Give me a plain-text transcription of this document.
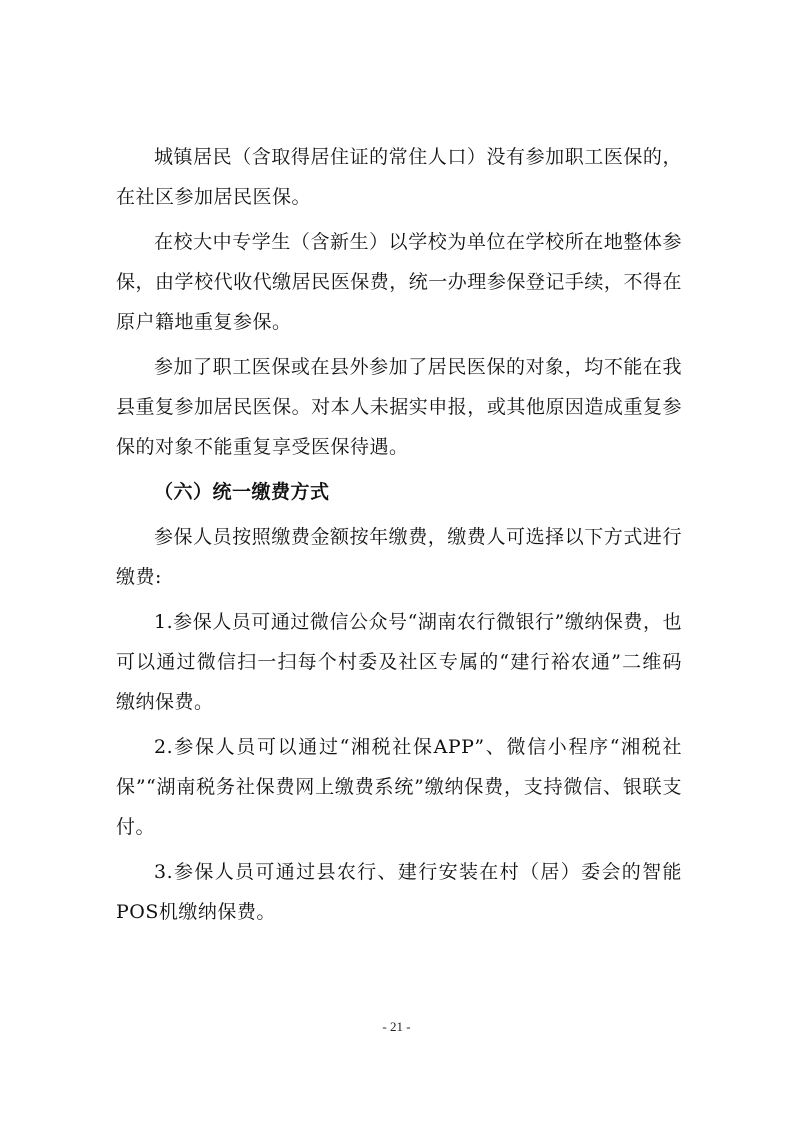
城镇居民（含取得居住证的常住人口）没有参加职工医保的，在社区参加居民医保。

在校大中专学生（含新生）以学校为单位在学校所在地整体参保，由学校代收代缴居民医保费，统一办理参保登记手续，不得在原户籍地重复参保。

参加了职工医保或在县外参加了居民医保的对象，均不能在我县重复参加居民医保。对本人未据实申报，或其他原因造成重复参保的对象不能重复享受医保待遇。

（六）统一缴费方式

参保人员按照缴费金额按年缴费，缴费人可选择以下方式进行缴费:

1.参保人员可通过微信公众号“湖南农行微银行”缴纳保费，也可以通过微信扫一扫每个村委及社区专属的“建行裕农通”二维码缴纳保费。

2.参保人员可以通过“湘税社保APP”、微信小程序“湘税社保”“湖南税务社保费网上缴费系统”缴纳保费，支持微信、银联支付。

3.参保人员可通过县农行、建行安装在村（居）委会的智能POS机缴纳保费。

- 21 -
